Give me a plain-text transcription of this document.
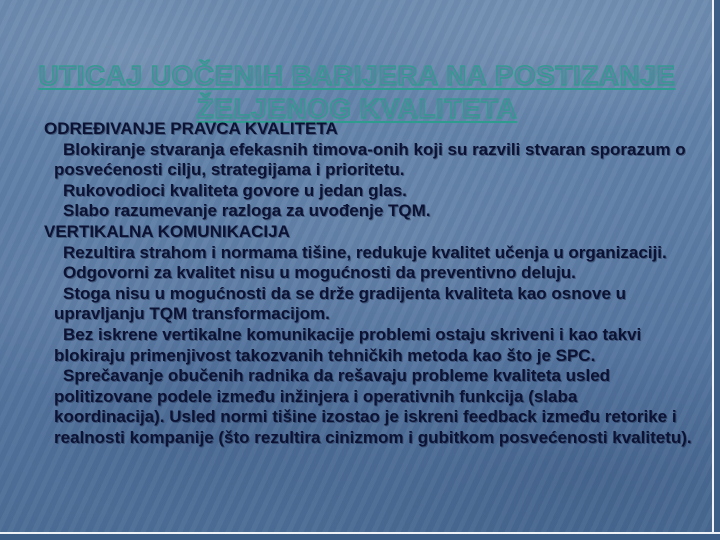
UTICAJ UOČENIH BARIJERA NA POSTIZANJE
ŽELJENOG KVALITETA

ODREĐIVANJE PRAVCA KVALITETA

Blokiranje stvaranja efekasnih timova-onih koji su razvili stvaran sporazum o posvećenosti cilju, strategijama i prioritetu.

Rukovodioci kvaliteta govore u jedan glas.

Slabo razumevanje razloga za uvođenje TQM.

VERTIKALNA KOMUNIKACIJA

Rezultira strahom i normama tišine, redukuje kvalitet učenja u organizaciji.

Odgovorni za kvalitet nisu u mogućnosti da preventivno deluju.

Stoga nisu u mogućnosti da se drže gradijenta kvaliteta kao osnove u upravljanju TQM transformacijom.

Bez iskrene vertikalne komunikacije problemi ostaju skriveni i kao takvi blokiraju primenjivost takozvanih tehničkih metoda kao što je SPC.

Sprečavanje obučenih radnika da rešavaju probleme kvaliteta usled politizovane podele između inžinjera i operativnih funkcija (slaba koordinacija). Usled normi tišine izostao je iskreni feedback između retorike i realnosti kompanije (što rezultira cinizmom i gubitkom posvećenosti kvalitetu).
